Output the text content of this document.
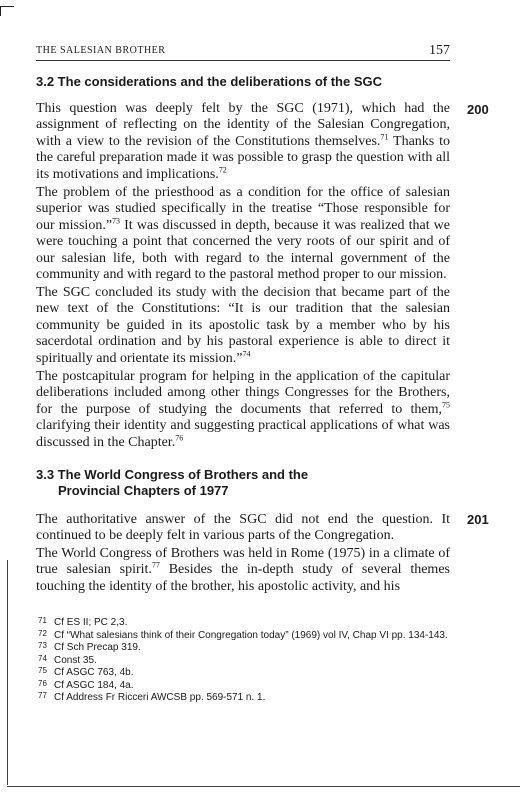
THE SALESIAN BROTHER	157
3.2 The considerations and the deliberations of the SGC

This question was deeply felt by the SGC (1971), which had the assignment of reflecting on the identity of the Salesian Congregation, with a view to the revision of the Constitutions themselves.$^{71}$ Thanks to the careful preparation made it was possible to grasp the question with all its motivations and implications.$^{72}$

The problem of the priesthood as a condition for the office of salesian superior was studied specifically in the treatise “Those responsible for our mission.”$^{73}$ It was discussed in depth, because it was realized that we were touching a point that concerned the very roots of our spirit and of our salesian life, both with regard to the internal government of the community and with regard to the pastoral method proper to our mission.

The SGC concluded its study with the decision that became part of the new text of the Constitutions: “It is our tradition that the salesian community be guided in its apostolic task by a member who by his sacerdotal ordination and by his pastoral experience is able to direct it spiritually and orientate its mission.”$^{74}$

The postcapitular program for helping in the application of the capitular deliberations included among other things Congresses for the Brothers, for the purpose of studying the documents that referred to them,$^{75}$ clarifying their identity and suggesting practical applications of what was discussed in the Chapter.$^{76}$

3.3 The World Congress of Brothers and the
Provincial Chapters of 1977

The authoritative answer of the SGC did not end the question. It continued to be deeply felt in various parts of the Congregation.

The World Congress of Brothers was held in Rome (1975) in a climate of true salesian spirit.$^{77}$ Besides the in-depth study of several themes touching the identity of the brother, his apostolic activity, and his

200
201
71 Cf ES II; PC 2,3.
72 Cf “What salesians think of their Congregation today” (1969) vol IV, Chap VI pp. 134-143.
73 Cf Sch Precap 319.
74 Const 35.
75 Cf ASGC 763, 4b.
76 Cf ASGC 184, 4a.
77 Cf Address Fr Ricceri AWCSB pp. 569-571 n. 1.
